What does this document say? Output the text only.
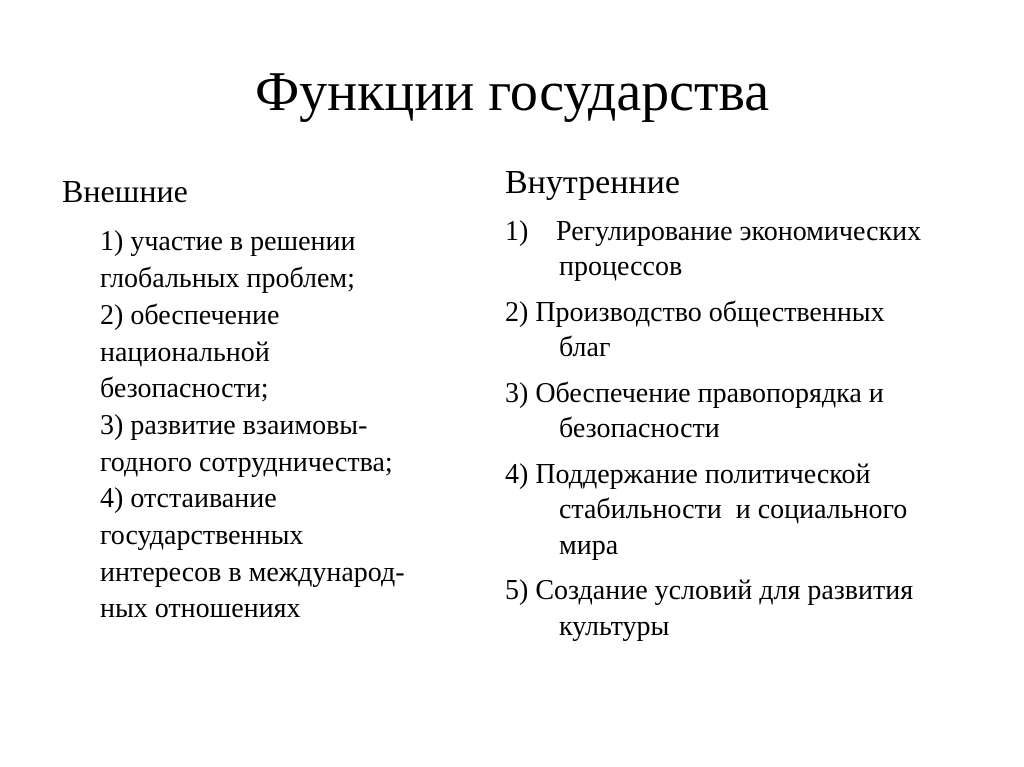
Функции государства
Внешние
1) участие в решении
глобальных проблем;
2) обеспечение
национальной
безопасности;
3) развитие взаимовы-
годного сотрудничества;
4) отстаивание
государственных
интересов в международ-
ных отношениях
Внутренние
1) Регулирование экономических
процессов
2) Производство общественных
благ
3) Обеспечение правопорядка и
безопасности
4) Поддержание политической
стабильности  и социального
мира
5) Создание условий для развития
культуры
